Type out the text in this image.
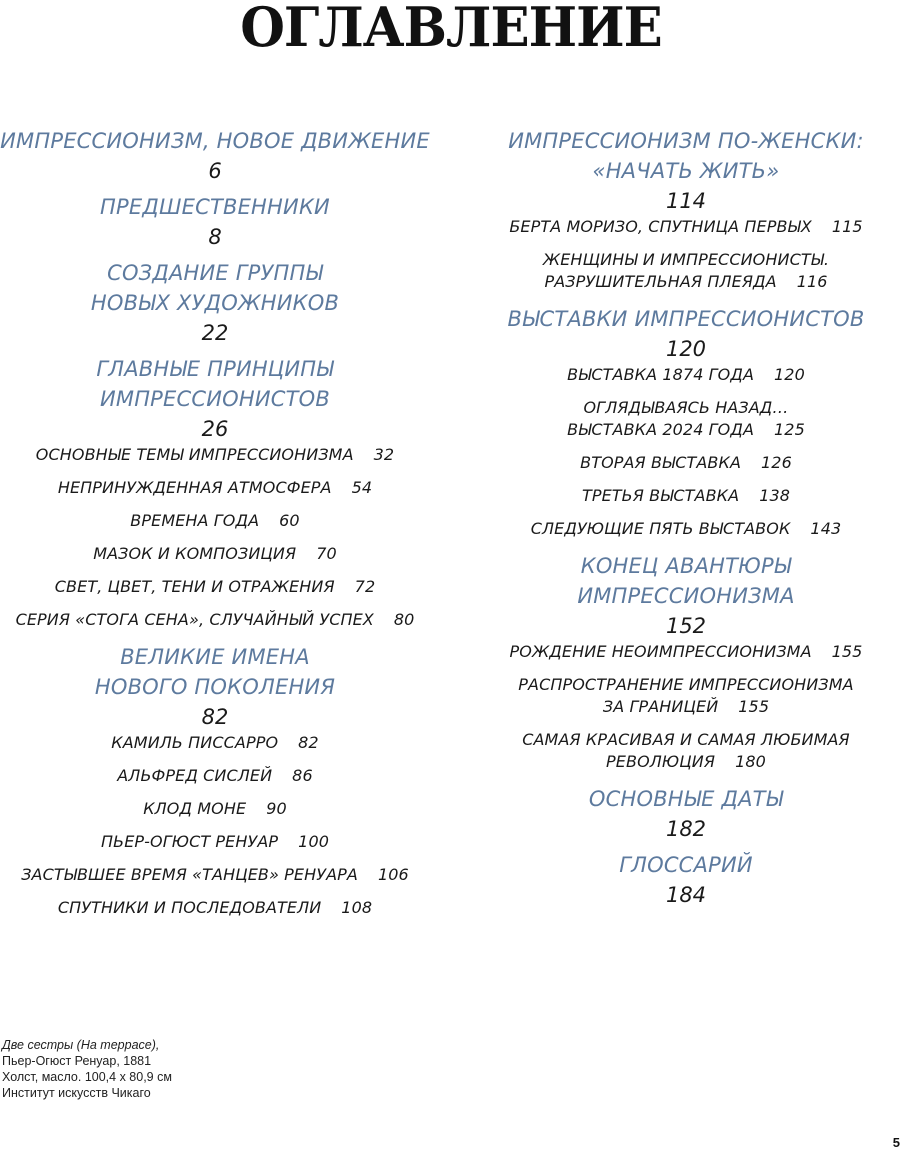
ОГЛАВЛЕНИЕ
ИМПРЕССИОНИЗМ, НОВОЕ ДВИЖЕНИЕ
6
ПРЕДШЕСТВЕННИКИ
8
СОЗДАНИЕ ГРУППЫ
НОВЫХ ХУДОЖНИКОВ
22
ГЛАВНЫЕ ПРИНЦИПЫ
ИМПРЕССИОНИСТОВ
26
ОСНОВНЫЕ ТЕМЫ ИМПРЕССИОНИЗМА 32
НЕПРИНУЖДЕННАЯ АТМОСФЕРА 54
ВРЕМЕНА ГОДА 60
МАЗОК И КОМПОЗИЦИЯ 70
СВЕТ, ЦВЕТ, ТЕНИ И ОТРАЖЕНИЯ 72
СЕРИЯ «СТОГА СЕНА», СЛУЧАЙНЫЙ УСПЕХ 80
ВЕЛИКИЕ ИМЕНА
НОВОГО ПОКОЛЕНИЯ
82
КАМИЛЬ ПИССАРРО 82
АЛЬФРЕД СИСЛЕЙ 86
КЛОД МОНЕ 90
ПЬЕР-ОГЮСТ РЕНУАР 100
ЗАСТЫВШЕЕ ВРЕМЯ «ТАНЦЕВ» РЕНУАРА 106
СПУТНИКИ И ПОСЛЕДОВАТЕЛИ 108
ИМПРЕССИОНИЗМ ПО-ЖЕНСКИ:
«НАЧАТЬ ЖИТЬ»
114
БЕРТА МОРИЗО, СПУТНИЦА ПЕРВЫХ 115
ЖЕНЩИНЫ И ИМПРЕССИОНИСТЫ.
РАЗРУШИТЕЛЬНАЯ ПЛЕЯДА 116
ВЫСТАВКИ ИМПРЕССИОНИСТОВ
120
ВЫСТАВКА 1874 ГОДА 120
ОГЛЯДЫВАЯСЬ НАЗАД…
ВЫСТАВКА 2024 ГОДА 125
ВТОРАЯ ВЫСТАВКА 126
ТРЕТЬЯ ВЫСТАВКА 138
СЛЕДУЮЩИЕ ПЯТЬ ВЫСТАВОК 143
КОНЕЦ АВАНТЮРЫ
ИМПРЕССИОНИЗМА
152
РОЖДЕНИЕ НЕОИМПРЕССИОНИЗМА 155
РАСПРОСТРАНЕНИЕ ИМПРЕССИОНИЗМА
ЗА ГРАНИЦЕЙ 155
САМАЯ КРАСИВАЯ И САМАЯ ЛЮБИМАЯ
РЕВОЛЮЦИЯ 180
ОСНОВНЫЕ ДАТЫ
182
ГЛОССАРИЙ
184
Две сестры (На террасе),
Пьер-Огюст Ренуар, 1881
Холст, масло. 100,4 x 80,9 см
Институт искусств Чикаго
5
